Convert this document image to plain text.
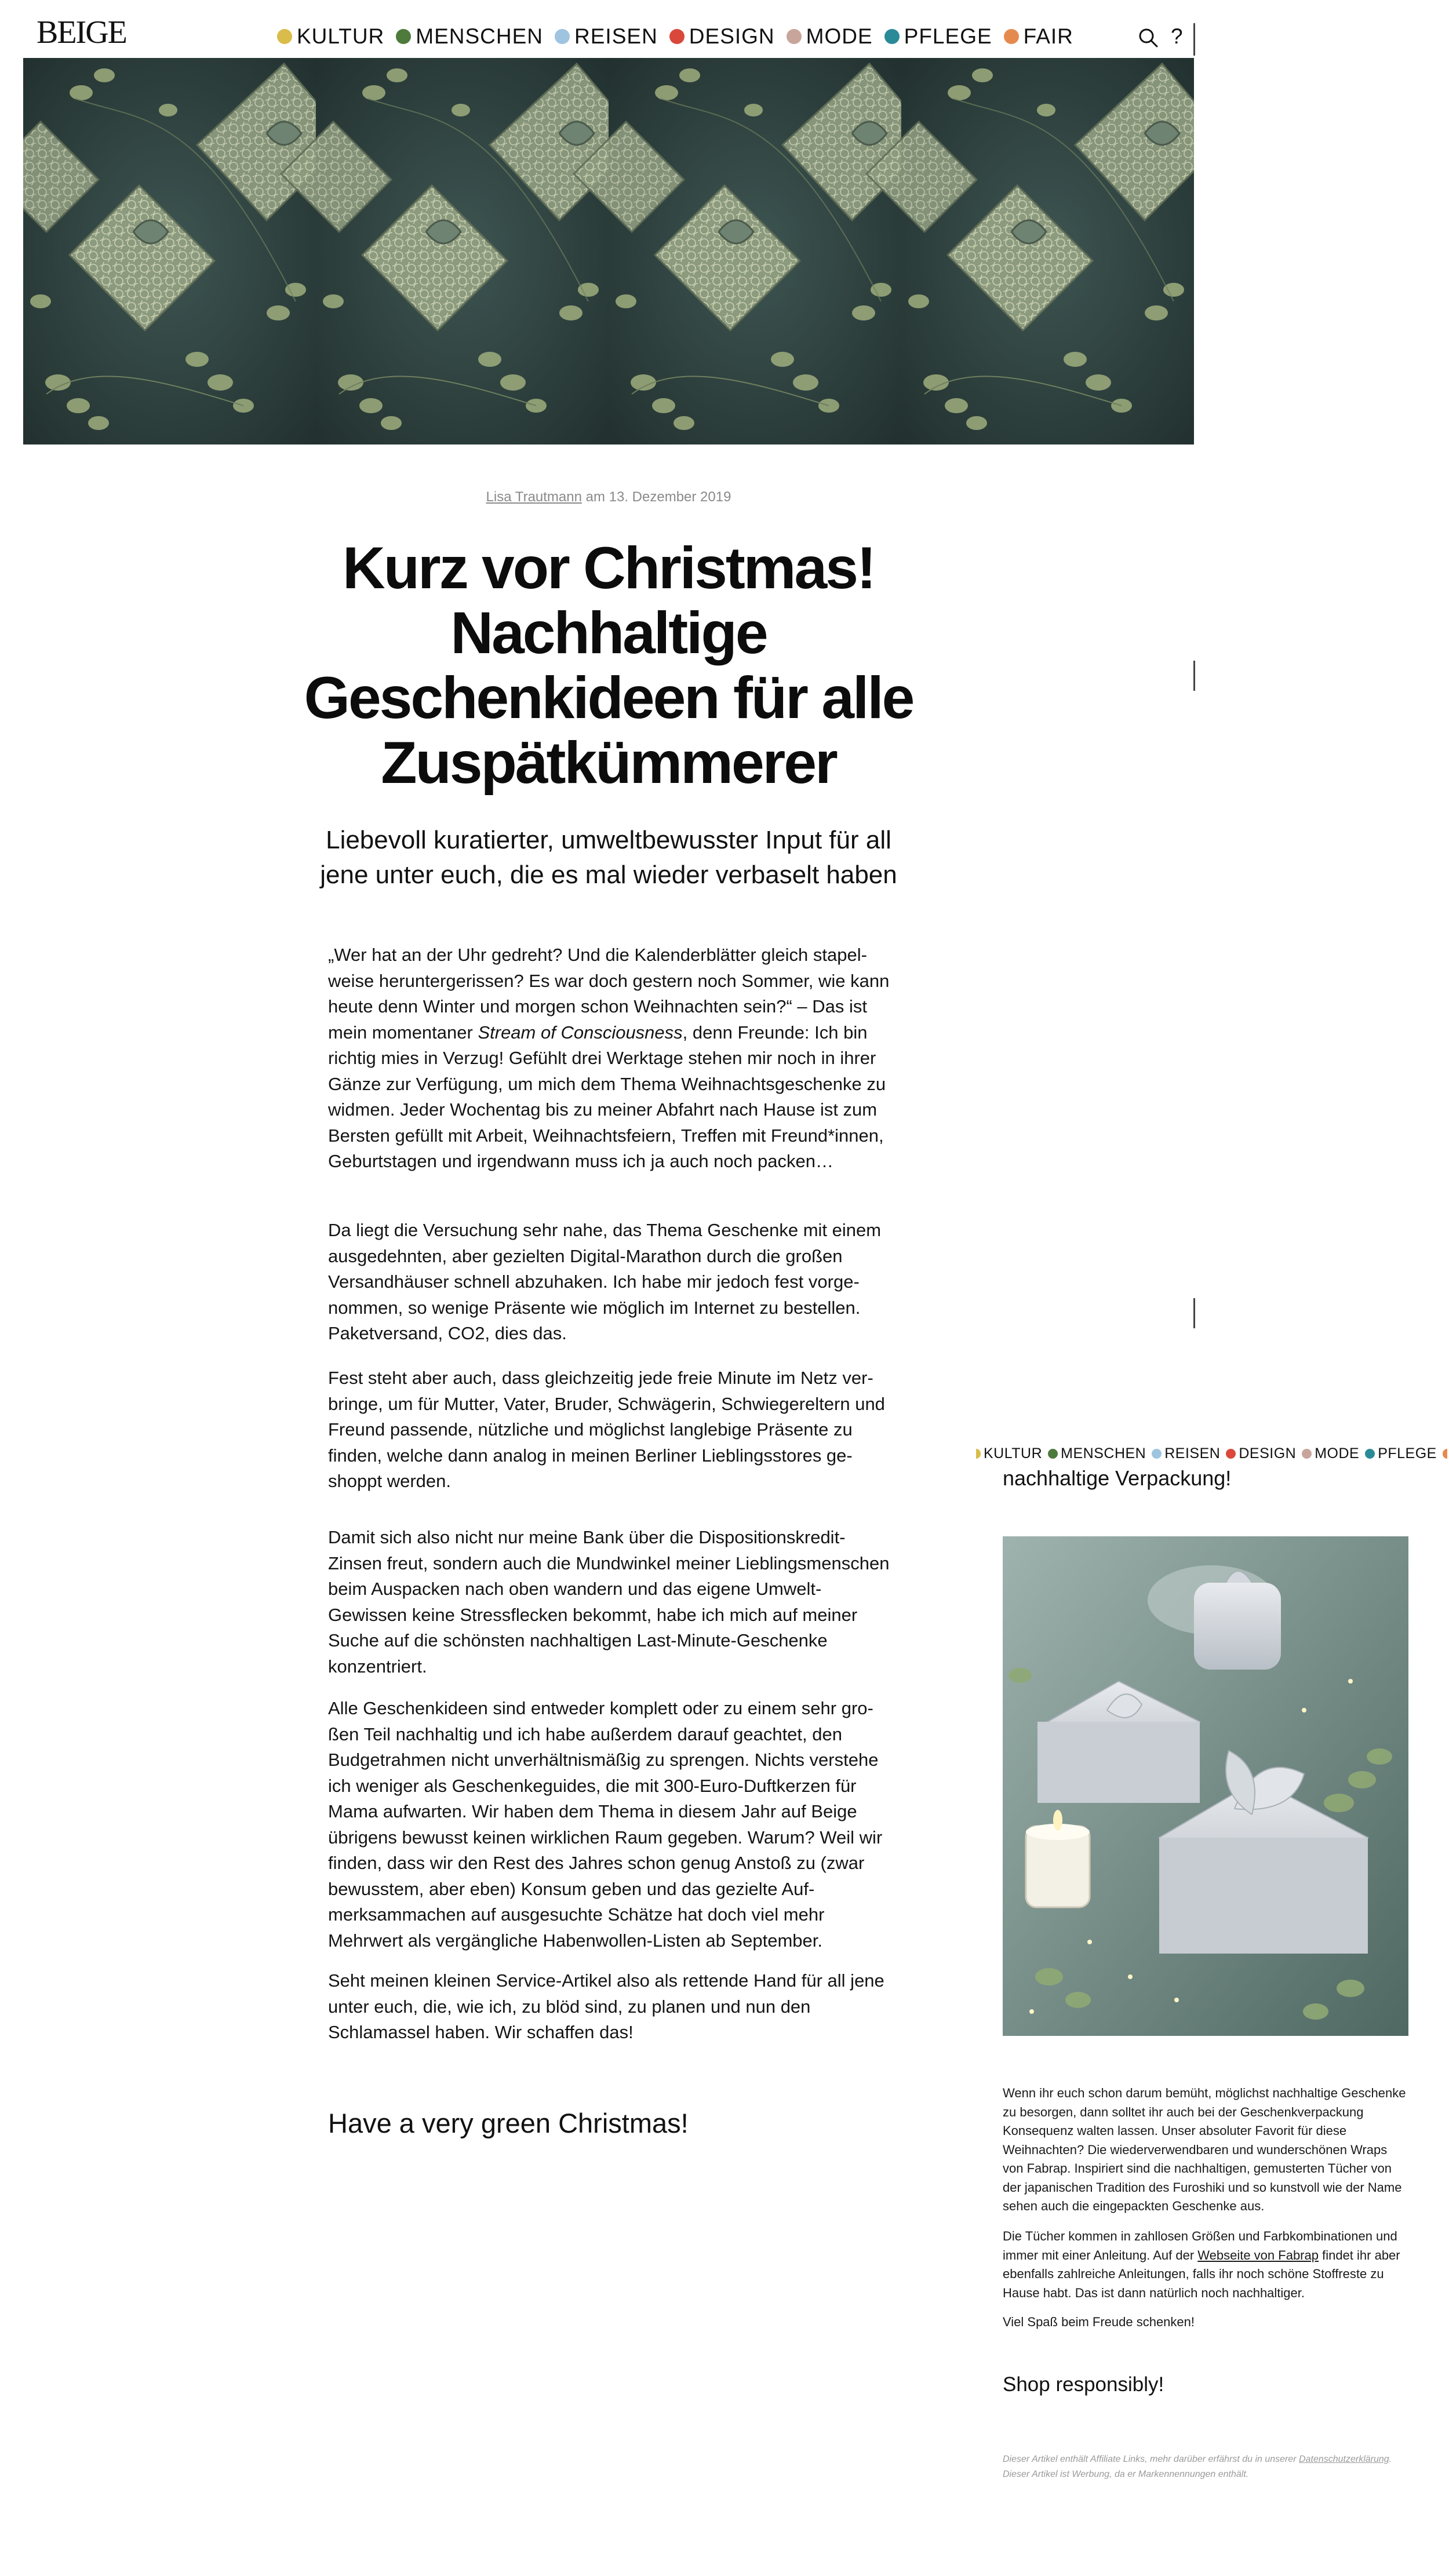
BEIGE	KULTUR MENSCHEN REISEN DESIGN MODE PFLEGE FAIR	?
Lisa Trautmann am 13. Dezember 2019
Kurz vor Christmas! Nachhaltige Geschenkideen für alle Zuspätkümmerer

Liebevoll kuratierter, umweltbewusster Input für all jene unter euch, die es mal wieder verbaselt haben

„Wer hat an der Uhr gedreht? Und die Kalenderblätter gleich stapelweise heruntergerissen? Es war doch gestern noch Sommer, wie kann heute denn Winter und morgen schon Weihnachten sein?“ – Das ist mein momentaner Stream of Consciousness, denn Freunde: Ich bin richtig mies in Verzug! Gefühlt drei Werktage stehen mir noch in ihrer Gänze zur Verfügung, um mich dem Thema Weihnachtsgeschenke zu widmen. Jeder Wochentag bis zu meiner Abfahrt nach Hause ist zum Bersten gefüllt mit Arbeit, Weihnachtsfeiern, Treffen mit Freund*innen, Geburtstagen und irgendwann muss ich ja auch noch packen…

Da liegt die Versuchung sehr nahe, das Thema Geschenke mit einem ausgedehnten, aber gezielten Digital-Marathon durch die großen Versandhäuser schnell abzuhaken. Ich habe mir jedoch fest vorgenommen, so wenige Präsente wie möglich im Internet zu bestellen. Paketversand, CO2, dies das.

Fest steht aber auch, dass gleichzeitig jede freie Minute im Netz verbringe, um für Mutter, Vater, Bruder, Schwägerin, Schwiegereltern und Freund passende, nützliche und möglichst langlebige Präsente zu finden, welche dann analog in meinen Berliner Lieblingsstores geshoppt werden.

Damit sich also nicht nur meine Bank über die Dispositionskredit-Zinsen freut, sondern auch die Mundwinkel meiner Lieblingsmenschen beim Auspacken nach oben wandern und das eigene Umwelt-Gewissen keine Stressflecken bekommt, habe ich mich auf meiner Suche auf die schönsten nachhaltigen Last-Minute-Geschenke konzentriert.

Alle Geschenkideen sind entweder komplett oder zu einem sehr großen Teil nachhaltig und ich habe außerdem darauf geachtet, den Budgetrahmen nicht unverhältnismäßig zu sprengen. Nichts verstehe ich weniger als Geschenkeguides, die mit 300-Euro-Duftkerzen für Mama aufwarten. Wir haben dem Thema in diesem Jahr auf Beige übrigens bewusst keinen wirklichen Raum gegeben. Warum? Weil wir finden, dass wir den Rest des Jahres schon genug Anstoß zu (zwar bewusstem, aber eben) Konsum geben und das gezielte Aufmerksammachen auf ausgesuchte Schätze hat doch viel mehr Mehrwert als vergängliche Habenwollen-Listen ab September.

Seht meinen kleinen Service-Artikel also als rettende Hand für all jene unter euch, die, wie ich, zu blöd sind, zu planen und nun den Schlamassel haben. Wir schaffen das!

Have a very green Christmas!
KULTUR MENSCHEN REISEN DESIGN MODE PFLEGE

nachhaltige Verpackung!

Wenn ihr euch schon darum bemüht, möglichst nachhaltige Geschenke zu besorgen, dann solltet ihr auch bei der Geschenkverpackung Konsequenz walten lassen. Unser absoluter Favorit für diese Weihnachten? Die wiederverwendbaren und wunderschönen Wraps von Fabrap. Inspiriert sind die nachhaltigen, gemusterten Tücher von der japanischen Tradition des Furoshiki und so kunstvoll wie der Name sehen auch die eingepackten Geschenke aus.

Die Tücher kommen in zahllosen Größen und Farbkombinationen und immer mit einer Anleitung. Auf der Webseite von Fabrap findet ihr aber ebenfalls zahlreiche Anleitungen, falls ihr noch schöne Stoffreste zu Hause habt. Das ist dann natürlich noch nachhaltiger.

Viel Spaß beim Freude schenken!

Shop responsibly!

Dieser Artikel enthält Affiliate Links, mehr darüber erfährst du in unserer Datenschutzerklärung. Dieser Artikel ist Werbung, da er Markennennungen enthält.
